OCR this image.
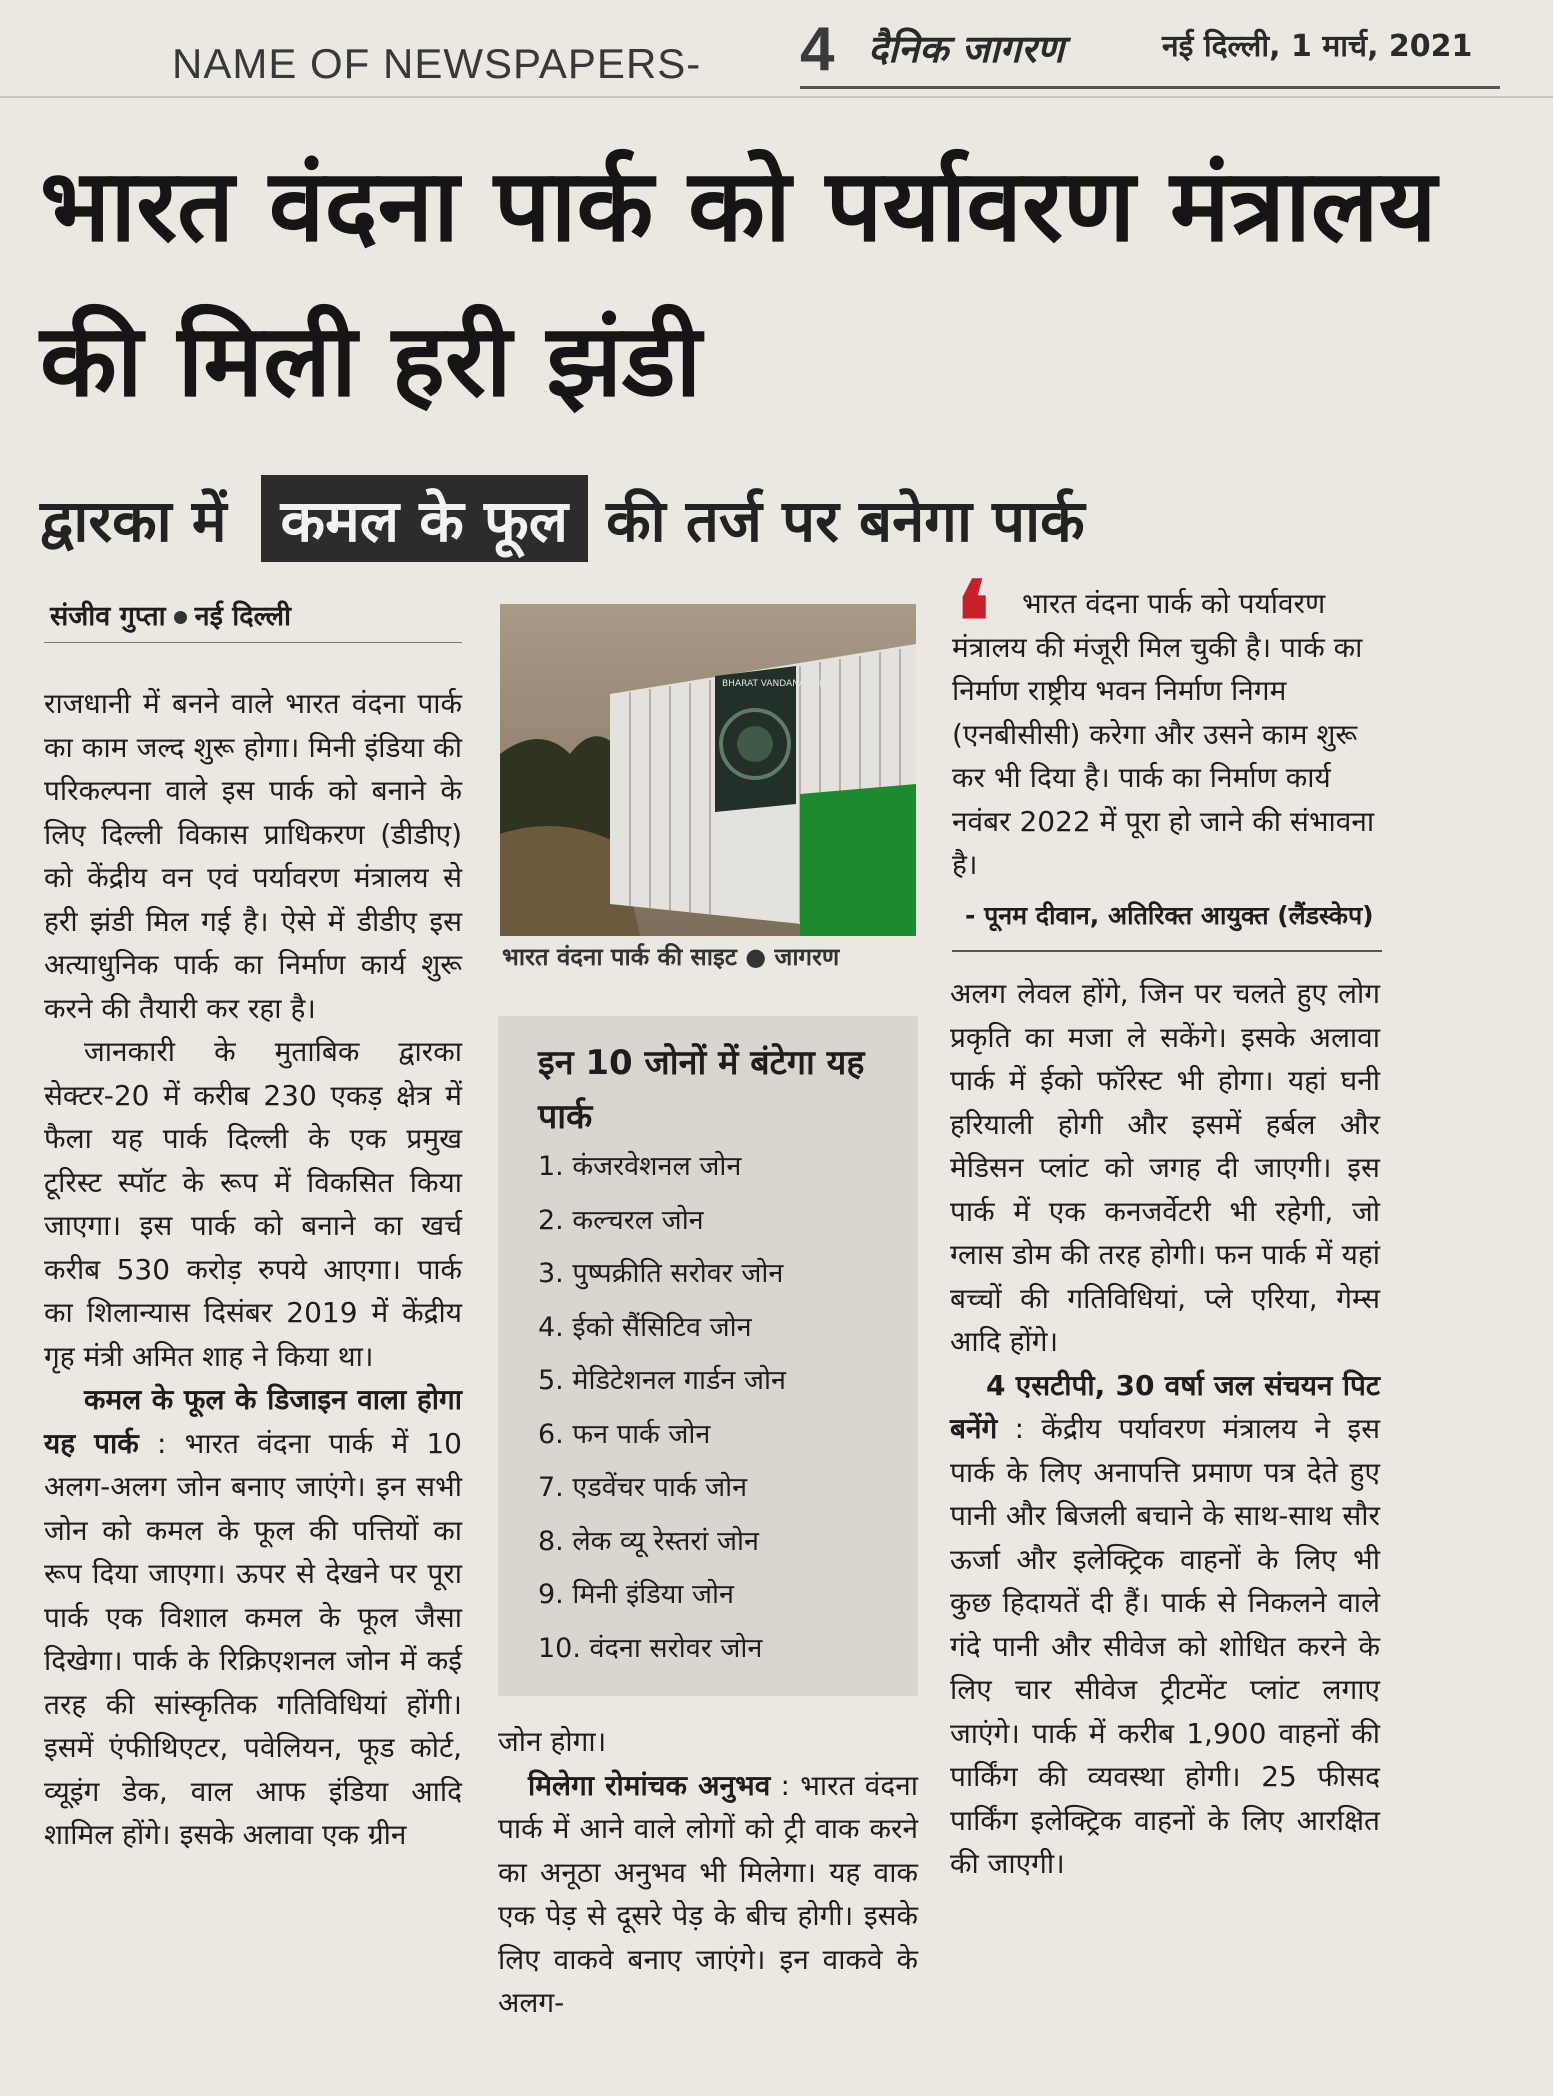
NAME OF NEWSPAPERS- 4 दैनिक जागरण	नई दिल्ली, 1 मार्च, 2021
भारत वंदना पार्क को पर्यावरण मंत्रालय की मिली हरी झंडी
द्वारका में कमल के फूल की तर्ज पर बनेगा पार्क
संजीव गुप्ता नई दिल्ली

राजधानी में बनने वाले भारत वंदना पार्क का काम जल्द शुरू होगा। मिनी इंडिया की परिकल्पना वाले इस पार्क को बनाने के लिए दिल्ली विकास प्राधिकरण (डीडीए) को केंद्रीय वन एवं पर्यावरण मंत्रालय से हरी झंडी मिल गई है। ऐसे में डीडीए इस अत्याधुनिक पार्क का निर्माण कार्य शुरू करने की तैयारी कर रहा है।

जानकारी के मुताबिक द्वारका सेक्टर-20 में करीब 230 एकड़ क्षेत्र में फैला यह पार्क दिल्ली के एक प्रमुख टूरिस्ट स्पॉट के रूप में विकसित किया जाएगा। इस पार्क को बनाने का खर्च करीब 530 करोड़ रुपये आएगा। पार्क का शिलान्यास दिसंबर 2019 में केंद्रीय गृह मंत्री अमित शाह ने किया था।

कमल के फूल के डिजाइन वाला होगा यह पार्क : भारत वंदना पार्क में 10 अलग-अलग जोन बनाए जाएंगे। इन सभी जोन को कमल के फूल की पत्तियों का रूप दिया जाएगा। ऊपर से देखने पर पूरा पार्क एक विशाल कमल के फूल जैसा दिखेगा। पार्क के रिक्रिएशनल जोन में कई तरह की सांस्कृतिक गतिविधियां होंगी। इसमें एंफीथिएटर, पवेलियन, फूड कोर्ट, व्यूइंग डेक, वाल आफ इंडिया आदि शामिल होंगे। इसके अलावा एक ग्रीन

BHARAT VANDANA PARK
भारत वंदना पार्क की साइट ● जागरण
इन 10 जोनों में बंटेगा यह पार्क
1. कंजरवेशनल जोन
2. कल्चरल जोन
3. पुष्पक्रीति सरोवर जोन
4. ईको सैंसिटिव जोन
5. मेडिटेशनल गार्डन जोन
6. फन पार्क जोन
7. एडवेंचर पार्क जोन
8. लेक व्यू रेस्तरां जोन
9. मिनी इंडिया जोन
10. वंदना सरोवर जोन

जोन होगा।

मिलेगा रोमांचक अनुभव : भारत वंदना पार्क में आने वाले लोगों को ट्री वाक करने का अनूठा अनुभव भी मिलेगा। यह वाक एक पेड़ से दूसरे पेड़ के बीच होगी। इसके लिए वाकवे बनाए जाएंगे। इन वाकवे के अलग-

❛	भारत वंदना पार्क को पर्यावरण मंत्रालय की मंजूरी मिल चुकी है। पार्क का निर्माण राष्ट्रीय भवन निर्माण निगम (एनबीसीसी) करेगा और उसने काम शुरू कर भी दिया है। पार्क का निर्माण कार्य नवंबर 2022 में पूरा हो जाने की संभावना है।

- पूनम दीवान, अतिरिक्त आयुक्त (लैंडस्केप)

अलग लेवल होंगे, जिन पर चलते हुए लोग प्रकृति का मजा ले सकेंगे। इसके अलावा पार्क में ईको फॉरेस्ट भी होगा। यहां घनी हरियाली होगी और इसमें हर्बल और मेडिसन प्लांट को जगह दी जाएगी। इस पार्क में एक कनजर्वेटरी भी रहेगी, जो ग्लास डोम की तरह होगी। फन पार्क में यहां बच्चों की गतिविधियां, प्ले एरिया, गेम्स आदि होंगे।

4 एसटीपी, 30 वर्षा जल संचयन पिट बनेंगे : केंद्रीय पर्यावरण मंत्रालय ने इस पार्क के लिए अनापत्ति प्रमाण पत्र देते हुए पानी और बिजली बचाने के साथ-साथ सौर ऊर्जा और इलेक्ट्रिक वाहनों के लिए भी कुछ हिदायतें दी हैं। पार्क से निकलने वाले गंदे पानी और सीवेज को शोधित करने के लिए चार सीवेज ट्रीटमेंट प्लांट लगाए जाएंगे। पार्क में करीब 1,900 वाहनों की पार्किंग की व्यवस्था होगी। 25 फीसद पार्किंग इलेक्ट्रिक वाहनों के लिए आरक्षित की जाएगी।
